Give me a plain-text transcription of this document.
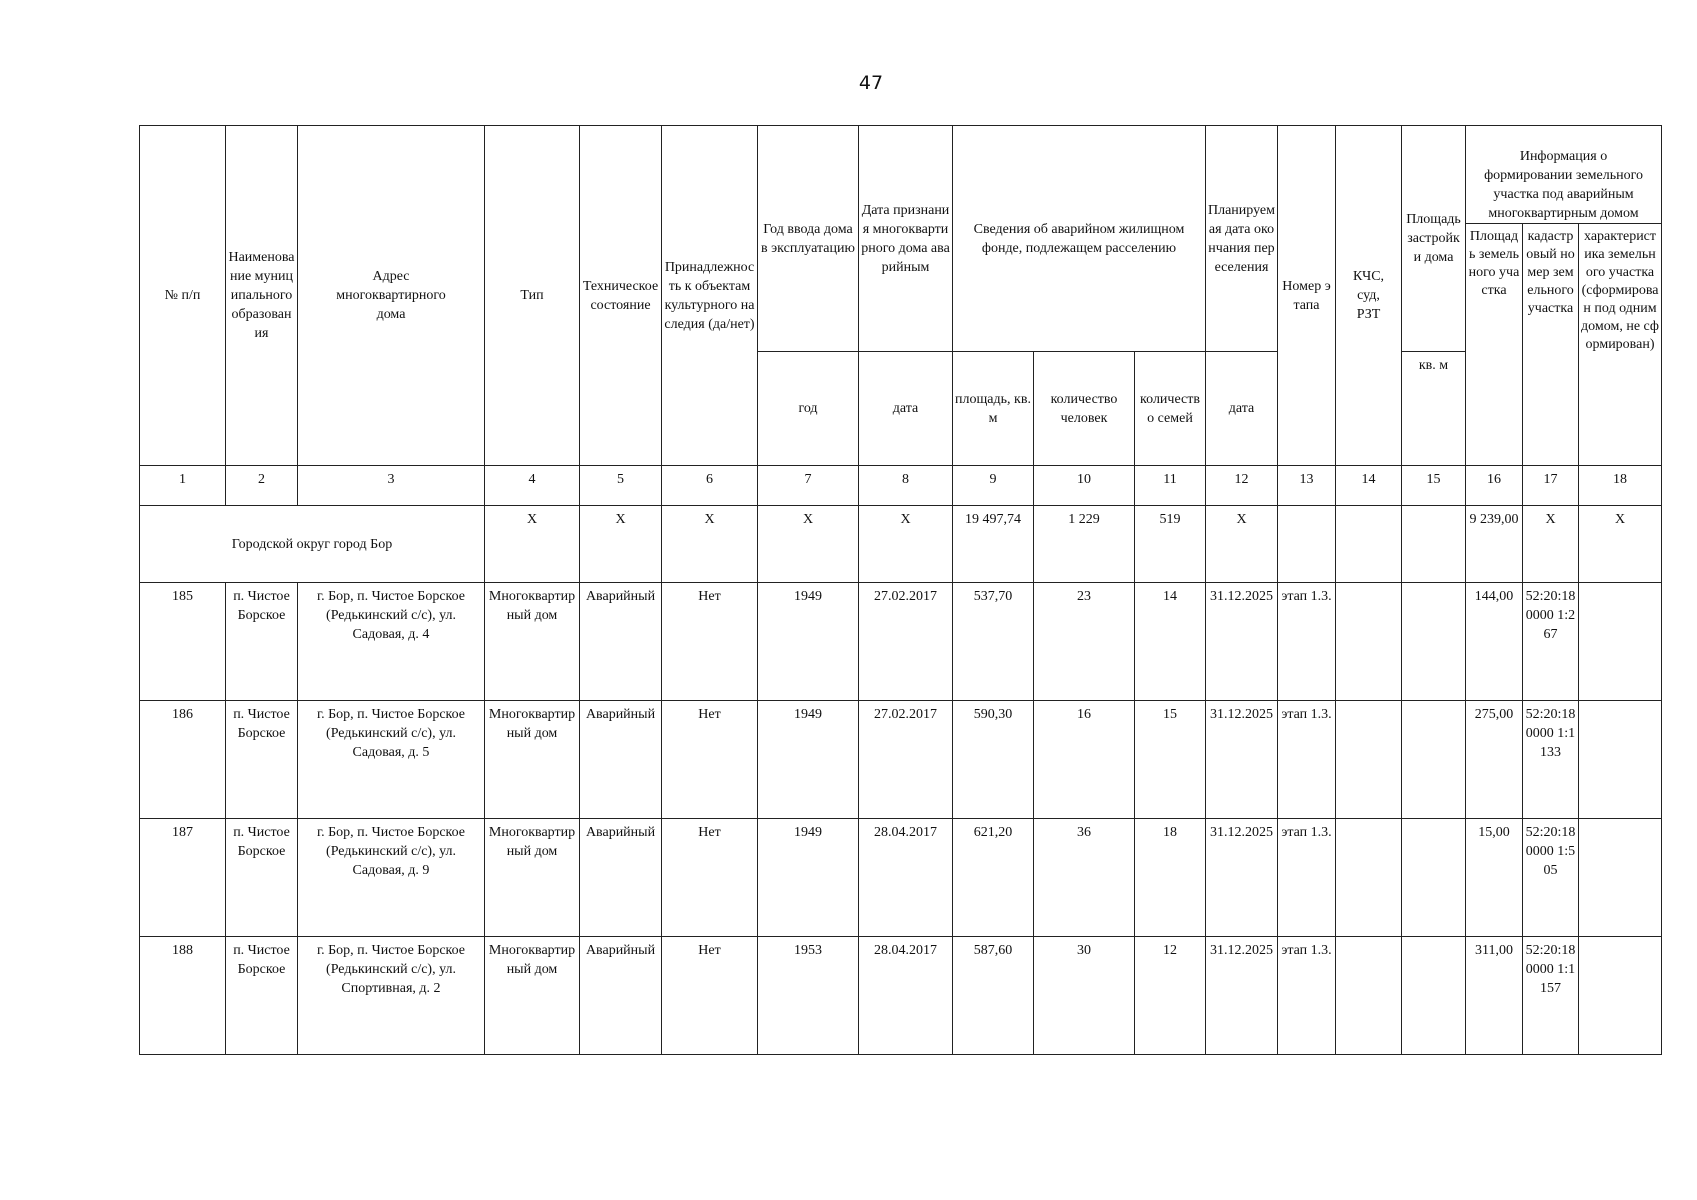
47
№ п/п	Наименование муниципального образования	Адрес многоквартирного дома	Тип	Техническое состояние	Принадлежность к объектам культурного наследия (да/нет)	Год ввода дома в эксплуатацию	Дата признания многоквартирного дома аварийным	Сведения об аварийном жилищном фонде, подлежащем расселению			Планируемая дата окончания переселения	Номер этапа	КЧС, суд, РЗТ	Площадь застройки дома	Информация о формировании земельного участка под аварийным многоквартирным домом		
															Площадь земельного участка	кадастровый номер земельного участка	характеристика земельного участка (сформирован под одним домом, не сформирован)
						год	дата	площадь, кв.м	количество человек	количество семей	дата			кв. м			
1	2	3	4	5	6	7	8	9	10	11	12	13	14	15	16	17	18
Городской округ город Бор			Х	Х	Х	Х	Х	19 497,74	1 229	519	Х				9 239,00	Х	Х
185	п. Чистое Борское	г. Бор, п. Чистое Борское (Редькинский с/с), ул. Садовая, д. 4	Многоквартирный дом	Аварийный	Нет	1949	27.02.2017	537,70	23	14	31.12.2025	этап 1.3.			144,00	52:20:180000 1:267	
186	п. Чистое Борское	г. Бор, п. Чистое Борское (Редькинский с/с), ул. Садовая, д. 5	Многоквартирный дом	Аварийный	Нет	1949	27.02.2017	590,30	16	15	31.12.2025	этап 1.3.			275,00	52:20:180000 1:1133	
187	п. Чистое Борское	г. Бор, п. Чистое Борское (Редькинский с/с), ул. Садовая, д. 9	Многоквартирный дом	Аварийный	Нет	1949	28.04.2017	621,20	36	18	31.12.2025	этап 1.3.			15,00	52:20:180000 1:505	
188	п. Чистое Борское	г. Бор, п. Чистое Борское (Редькинский с/с), ул. Спортивная, д. 2	Многоквартирный дом	Аварийный	Нет	1953	28.04.2017	587,60	30	12	31.12.2025	этап 1.3.			311,00	52:20:180000 1:1157	
